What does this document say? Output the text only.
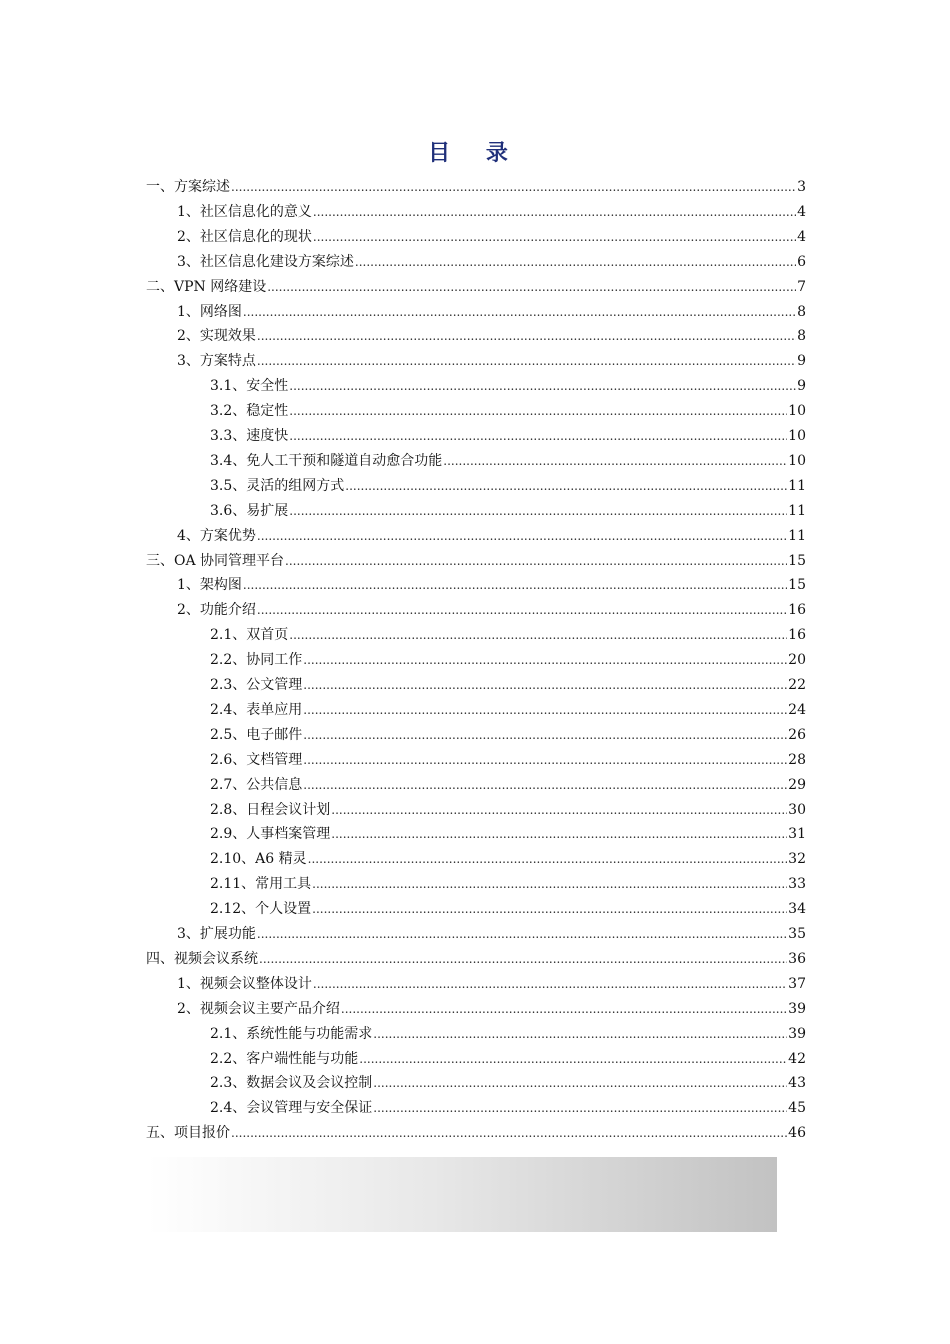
目 录
一、方案综述 .....	3
1、社区信息化的意义 .....	4
2、社区信息化的现状 .....	4
3、社区信息化建设方案综述 .....	6
二、VPN 网络建设 .....	7
1、网络图 .....	8
2、实现效果 .....	8
3、方案特点 .....	9
3.1、安全性 .....	9
3.2、稳定性 .....	10
3.3、速度快 .....	10
3.4、免人工干预和隧道自动愈合功能 .....	10
3.5、灵活的组网方式 .....	11
3.6、易扩展 .....	11
4、方案优势 .....	11
三、OA 协同管理平台 .....	15
1、架构图 .....	15
2、功能介绍 .....	16
2.1、双首页 .....	16
2.2、协同工作 .....	20
2.3、公文管理 .....	22
2.4、表单应用 .....	24
2.5、电子邮件 .....	26
2.6、文档管理 .....	28
2.7、公共信息 .....	29
2.8、日程会议计划 .....	30
2.9、人事档案管理 .....	31
2.10、A6 精灵 .....	32
2.11、常用工具 .....	33
2.12、个人设置 .....	34
3、扩展功能 .....	35
四、视频会议系统 .....	36
1、视频会议整体设计 .....	37
2、视频会议主要产品介绍 .....	39
2.1、系统性能与功能需求 .....	39
2.2、客户端性能与功能 .....	42
2.3、数据会议及会议控制 .....	43
2.4、会议管理与安全保证 .....	45
五、项目报价 .....	46
